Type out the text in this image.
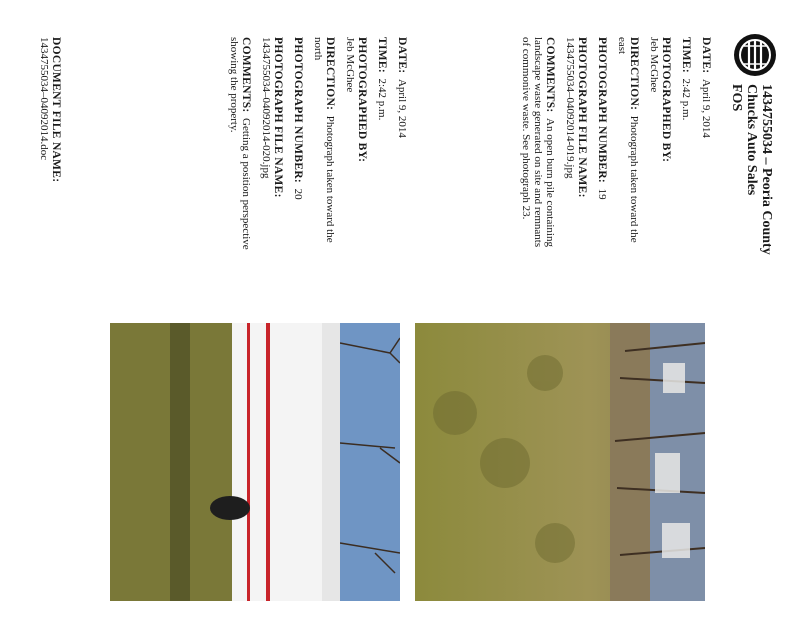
1434755034 – Peoria County
Chucks Auto Sales
FOS

DATE:  April 9, 2014

TIME:  2:42 p.m.

PHOTOGRAPHED BY:
Jeb McGhee

DIRECTION:  Photograph taken toward the east

PHOTOGRAPH NUMBER:  19

PHOTOGRAPH FILE NAME:
1434755034–04092014-019.jpg

COMMENTS:  An open burn pile containing landscape waste generated on site and remnants of commonive waste. See photograph 23.

DATE:  April 9, 2014

TIME:  2:42 p.m.

PHOTOGRAPHED BY:
Jeb McGhee

DIRECTION:  Photograph taken toward the north

PHOTOGRAPH NUMBER:  20

PHOTOGRAPH FILE NAME:
1434755034–04092014-020.jpg

COMMENTS:  Getting a position perspective showing the property.

DOCUMENT FILE NAME:
1434755034–04092014.doc
